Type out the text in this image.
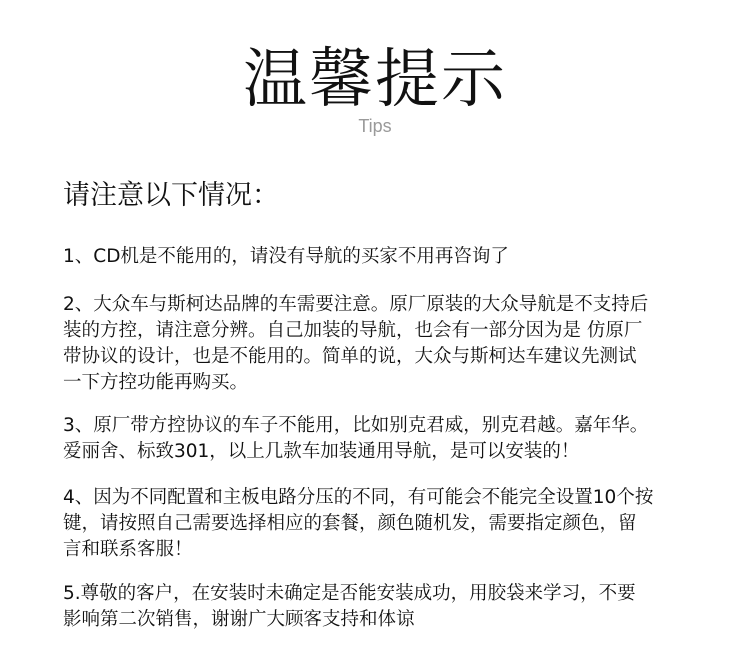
温馨提示
Tips
请注意以下情况：
1、CD机是不能用的，请没有导航的买家不用再咨询了
2、大众车与斯柯达品牌的车需要注意。原厂原装的大众导航是不支持后
装的方控，请注意分辨。自己加装的导航，也会有一部分因为是 仿原厂
带协议的设计，也是不能用的。简单的说，大众与斯柯达车建议先测试
一下方控功能再购买。
3、原厂带方控协议的车子不能用，比如别克君威，别克君越。嘉年华。
爱丽舍、标致301，以上几款车加装通用导航，是可以安装的！
4、因为不同配置和主板电路分压的不同，有可能会不能完全设置10个按
键，请按照自己需要选择相应的套餐，颜色随机发，需要指定颜色，留
言和联系客服！
5.尊敬的客户，在安装时未确定是否能安装成功，用胶袋来学习，不要
影响第二次销售，谢谢广大顾客支持和体谅
